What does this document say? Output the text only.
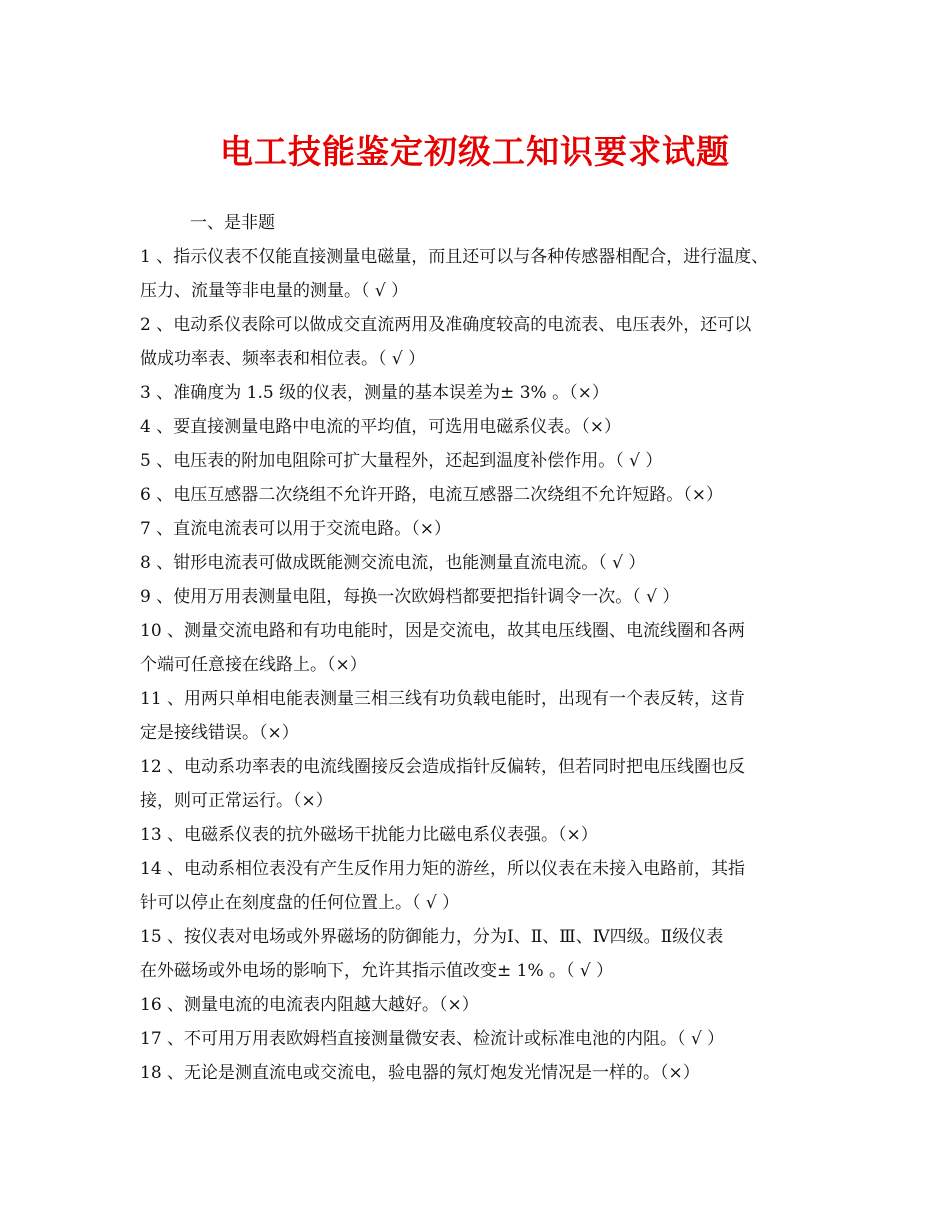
电工技能鉴定初级工知识要求试题

一、是非题

1 、指示仪表不仅能直接测量电磁量，而且还可以与各种传感器相配合，进行温度、
压力、流量等非电量的测量。（ √ ）
2 、电动系仪表除可以做成交直流两用及准确度较高的电流表、电压表外，还可以
做成功率表、频率表和相位表。（ √ ）
3 、准确度为 1.5 级的仪表，测量的基本误差为± 3% 。（×）
4 、要直接测量电路中电流的平均值，可选用电磁系仪表。（×）
5 、电压表的附加电阻除可扩大量程外，还起到温度补偿作用。（ √ ）
6 、电压互感器二次绕组不允许开路，电流互感器二次绕组不允许短路。（×）
7 、直流电流表可以用于交流电路。（×）
8 、钳形电流表可做成既能测交流电流，也能测量直流电流。（ √ ）
9 、使用万用表测量电阻，每换一次欧姆档都要把指针调令一次。（ √ ）
10 、测量交流电路和有功电能时，因是交流电，故其电压线圈、电流线圈和各两
个端可任意接在线路上。（×）
11 、用两只单相电能表测量三相三线有功负载电能时，出现有一个表反转，这肯
定是接线错误。（×）
12 、电动系功率表的电流线圈接反会造成指针反偏转，但若同时把电压线圈也反
接，则可正常运行。（×）
13 、电磁系仪表的抗外磁场干扰能力比磁电系仪表强。（×）
14 、电动系相位表没有产生反作用力矩的游丝，所以仪表在未接入电路前，其指
针可以停止在刻度盘的任何位置上。（ √ ）
15 、按仪表对电场或外界磁场的防御能力，分为Ⅰ、Ⅱ、Ⅲ、Ⅳ四级。Ⅱ级仪表
在外磁场或外电场的影响下，允许其指示值改变± 1% 。（ √ ）
16 、测量电流的电流表内阻越大越好。（×）
17 、不可用万用表欧姆档直接测量微安表、检流计或标准电池的内阻。（ √ ）
18 、无论是测直流电或交流电，验电器的氖灯炮发光情况是一样的。（×）
